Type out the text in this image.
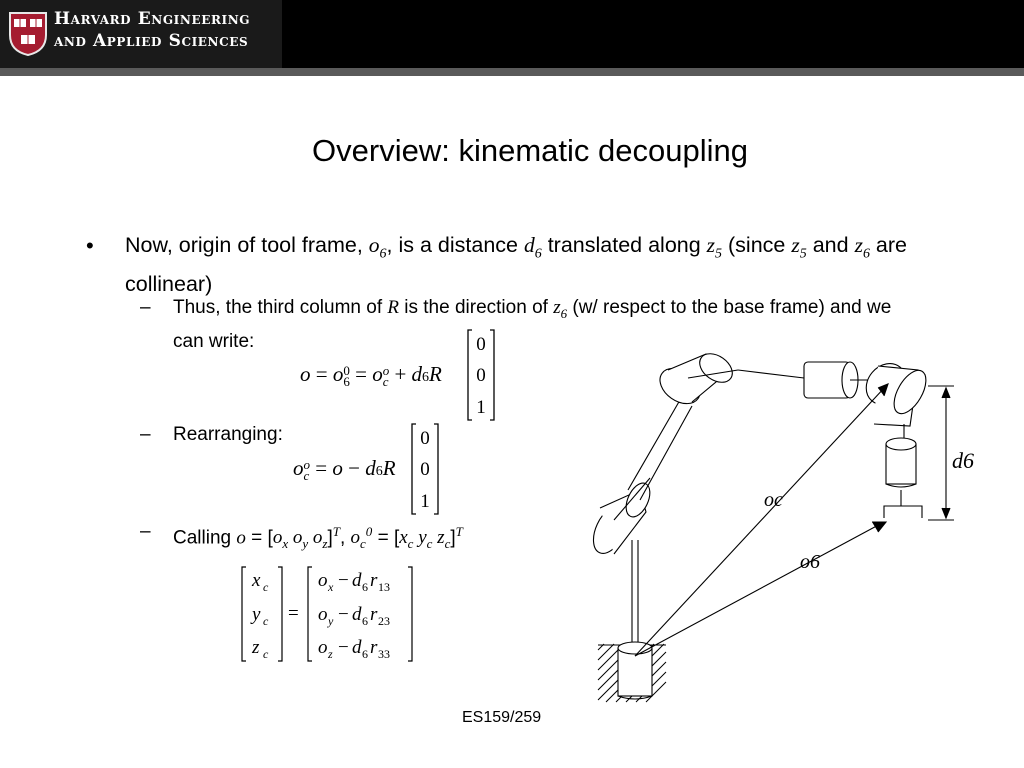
Harvard Engineering
and Applied Sciences
Overview: kinematic decoupling
• Now, origin of tool frame, $o_6$, is a distance $d_6$ translated along $z_5$ (since $z_5$ and $z_6$ are collinear)
– Thus, the third column of R is the direction of $z_6$ (w/ respect to the base frame) and we can write:
o = o0
6 = oo
c + d6R
0
0
1
– Rearranging:
oo
c = o − d6R
0
0
1
– Calling $o = [o_x$ $o_y$ $o_z]^T$, $o_c^0 = [x_c$ $y_c$ $z_c]^T$
x c
y c
z c
=
o x − d 6 r 13
o y − d 6 r 23
o z − d 6 r 33
d6
oc
o6
ES159/259
